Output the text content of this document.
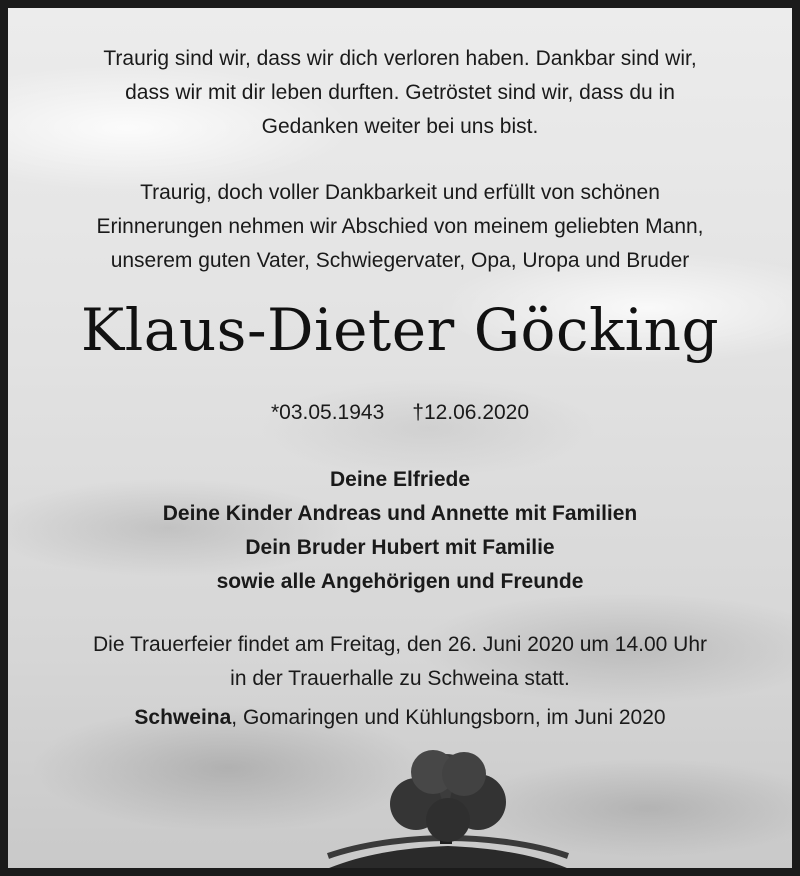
Traurig sind wir, dass wir dich verloren haben. Dankbar sind wir,
dass wir mit dir leben durften. Getröstet sind wir, dass du in
Gedanken weiter bei uns bist.
Traurig, doch voller Dankbarkeit und erfüllt von schönen
Erinnerungen nehmen wir Abschied von meinem geliebten Mann,
unserem guten Vater, Schwiegervater, Opa, Uropa und Bruder
Klaus-Dieter Göcking
*03.05.1943 †12.06.2020
Deine Elfriede
Deine Kinder Andreas und Annette mit Familien
Dein Bruder Hubert mit Familie
sowie alle Angehörigen und Freunde
Die Trauerfeier findet am Freitag, den 26. Juni 2020 um 14.00 Uhr
in der Trauerhalle zu Schweina statt.
Schweina, Gomaringen und Kühlungsborn, im Juni 2020
